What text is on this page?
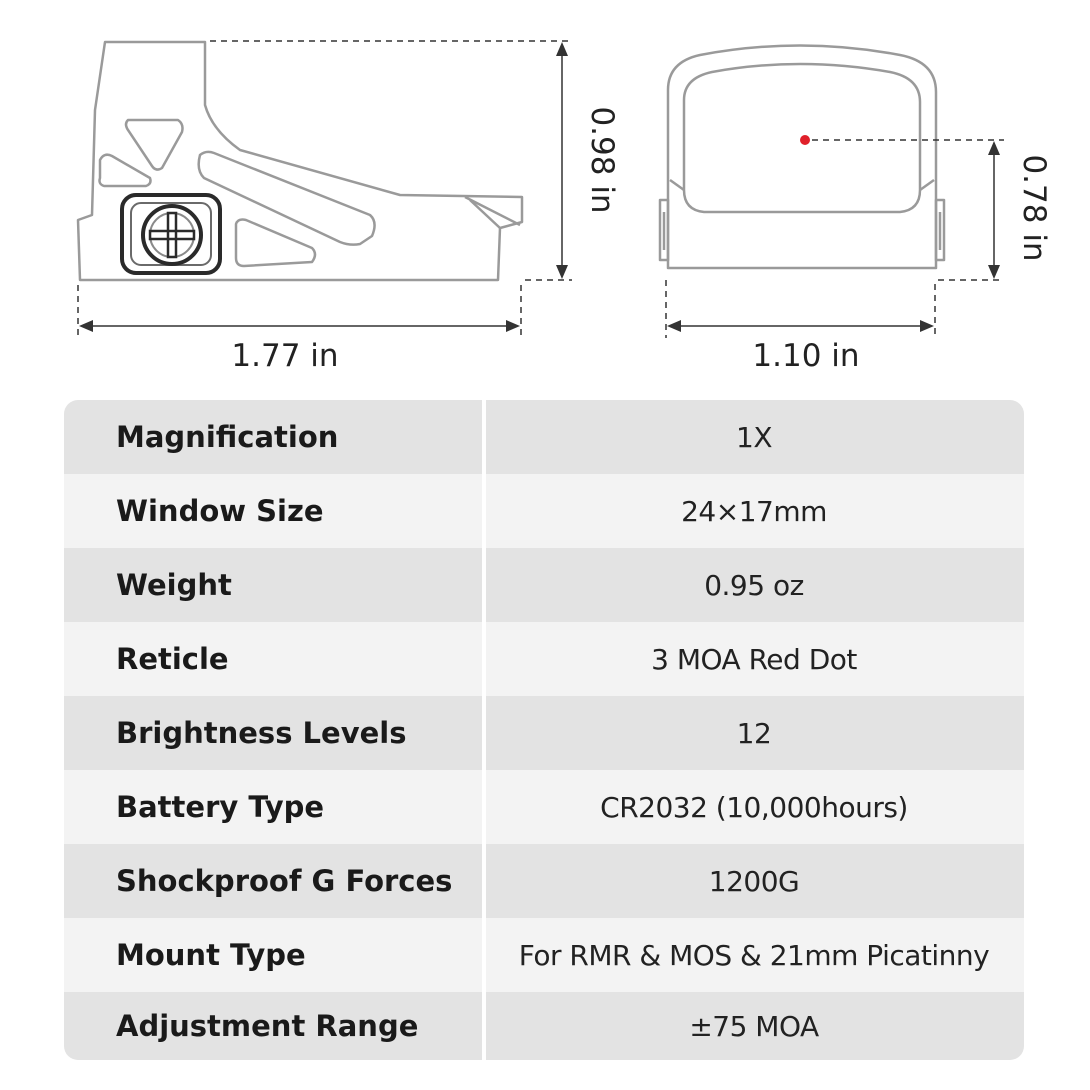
1.77 in
0.98 in
1.10 in
0.78 in
Magnification	1X
Window Size	24×17mm
Weight	0.95 oz
Reticle	3 MOA Red Dot
Brightness Levels	12
Battery Type	CR2032 (10,000hours)
Shockproof G Forces	1200G
Mount Type	For RMR & MOS & 21mm Picatinny
Adjustment Range	±75 MOA
